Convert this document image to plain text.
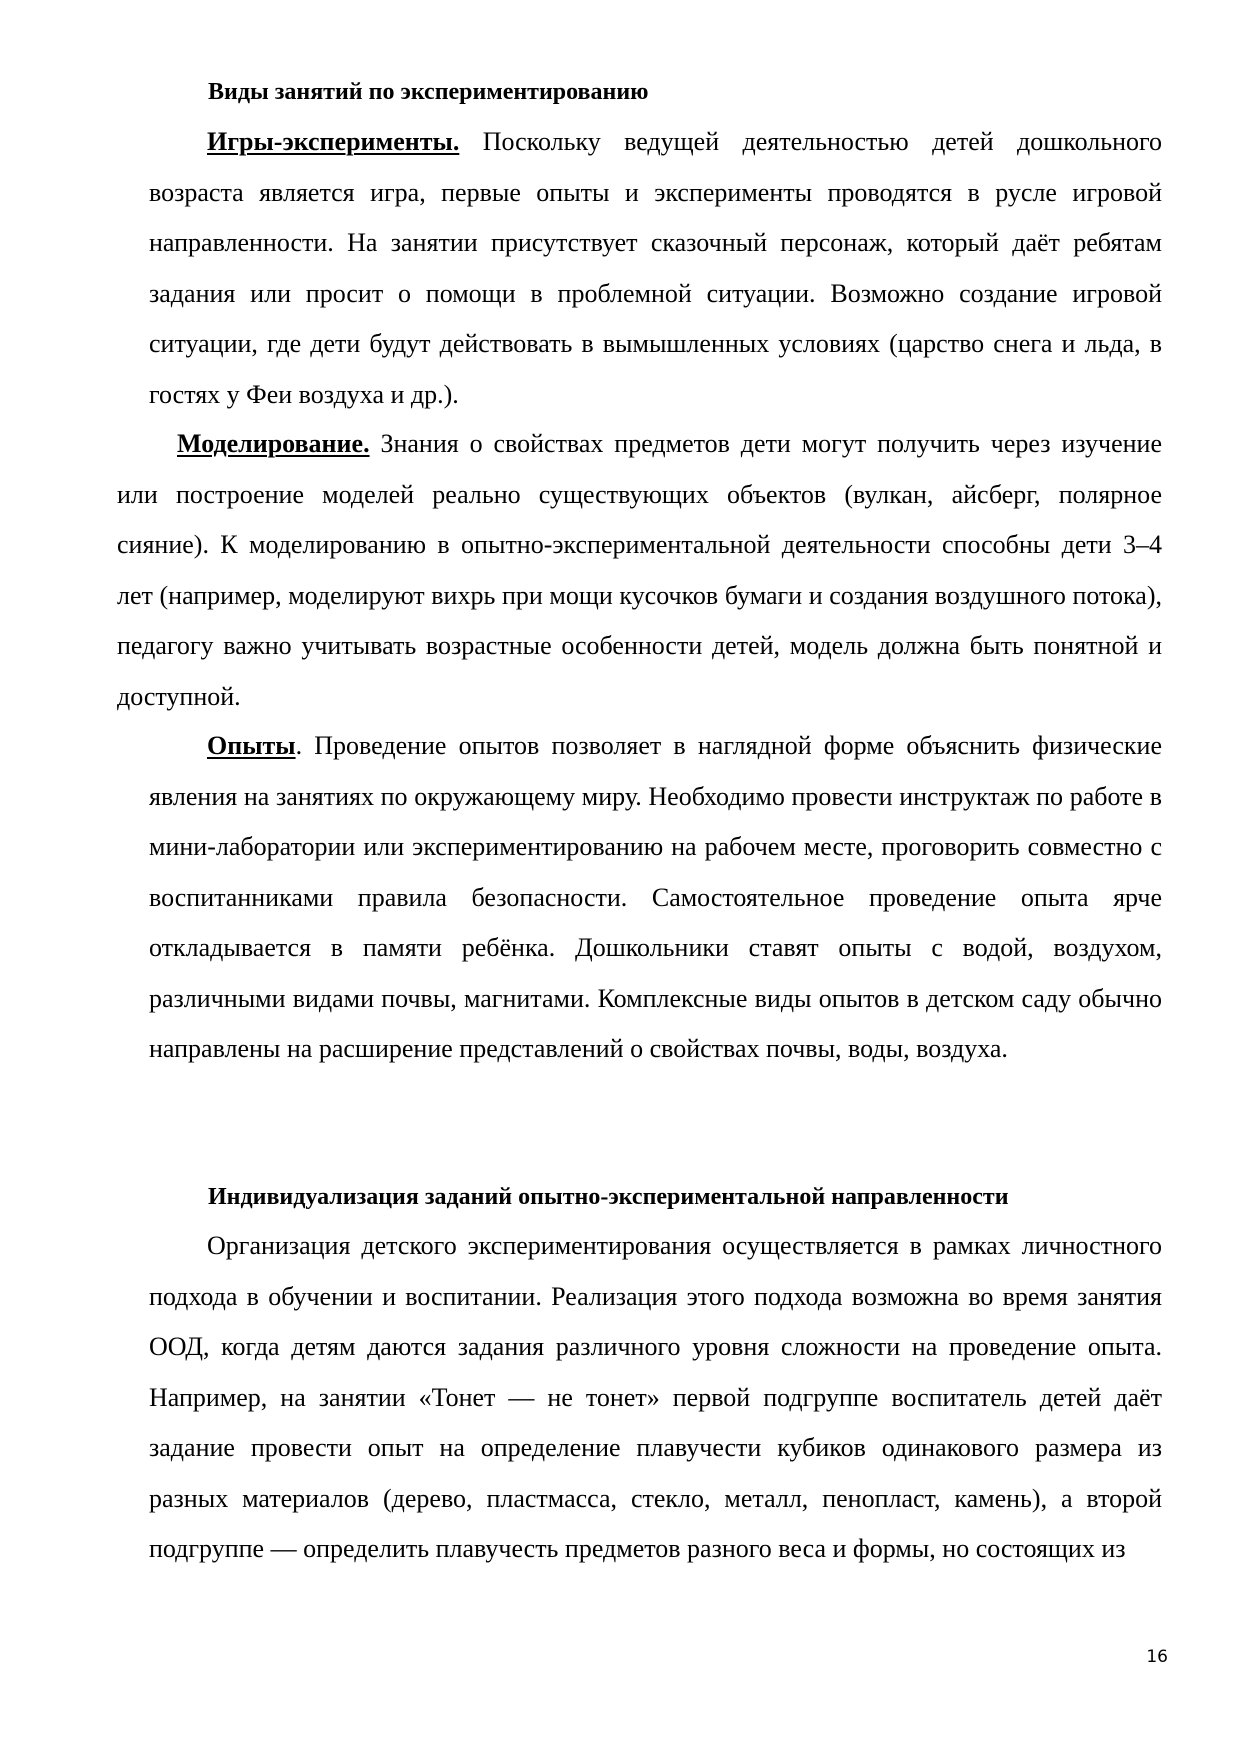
Виды занятий по экспериментированию

Игры-эксперименты. Поскольку ведущей деятельностью детей дошкольного возраста является игра, первые опыты и эксперименты проводятся в русле игровой направленности. На занятии присутствует сказочный персонаж, который даёт ребятам задания или просит о помощи в проблемной ситуации. Возможно создание игровой ситуации, где дети будут действовать в вымышленных условиях (царство снега и льда, в гостях у Феи воздуха и др.).

Моделирование. Знания о свойствах предметов дети могут получить через изучение или построение моделей реально существующих объектов (вулкан, айсберг, полярное сияние). К моделированию в опытно-экспериментальной деятельности способны дети 3–4 лет (например, моделируют вихрь при мощи кусочков бумаги и создания воздушного потока), педагогу важно учитывать возрастные особенности детей, модель должна быть понятной и доступной.

Опыты. Проведение опытов позволяет в наглядной форме объяснить физические явления на занятиях по окружающему миру. Необходимо провести инструктаж по работе в мини-лаборатории или экспериментированию на рабочем месте, проговорить совместно с воспитанниками правила безопасности. Самостоятельное проведение опыта ярче откладывается в памяти ребёнка. Дошкольники ставят опыты с водой, воздухом, различными видами почвы, магнитами. Комплексные виды опытов в детском саду обычно направлены на расширение представлений о свойствах почвы, воды, воздуха.

Индивидуализация заданий опытно-экспериментальной направленности

Организация детского экспериментирования осуществляется в рамках личностного подхода в обучении и воспитании. Реализация этого подхода возможна во время занятия ООД, когда детям даются задания различного уровня сложности на проведение опыта. Например, на занятии «Тонет — не тонет» первой подгруппе воспитатель детей даёт задание провести опыт на определение плавучести кубиков одинакового размера из разных материалов (дерево, пластмасса, стекло, металл, пенопласт, камень), а второй подгруппе — определить плавучесть предметов разного веса и формы, но состоящих из

16
